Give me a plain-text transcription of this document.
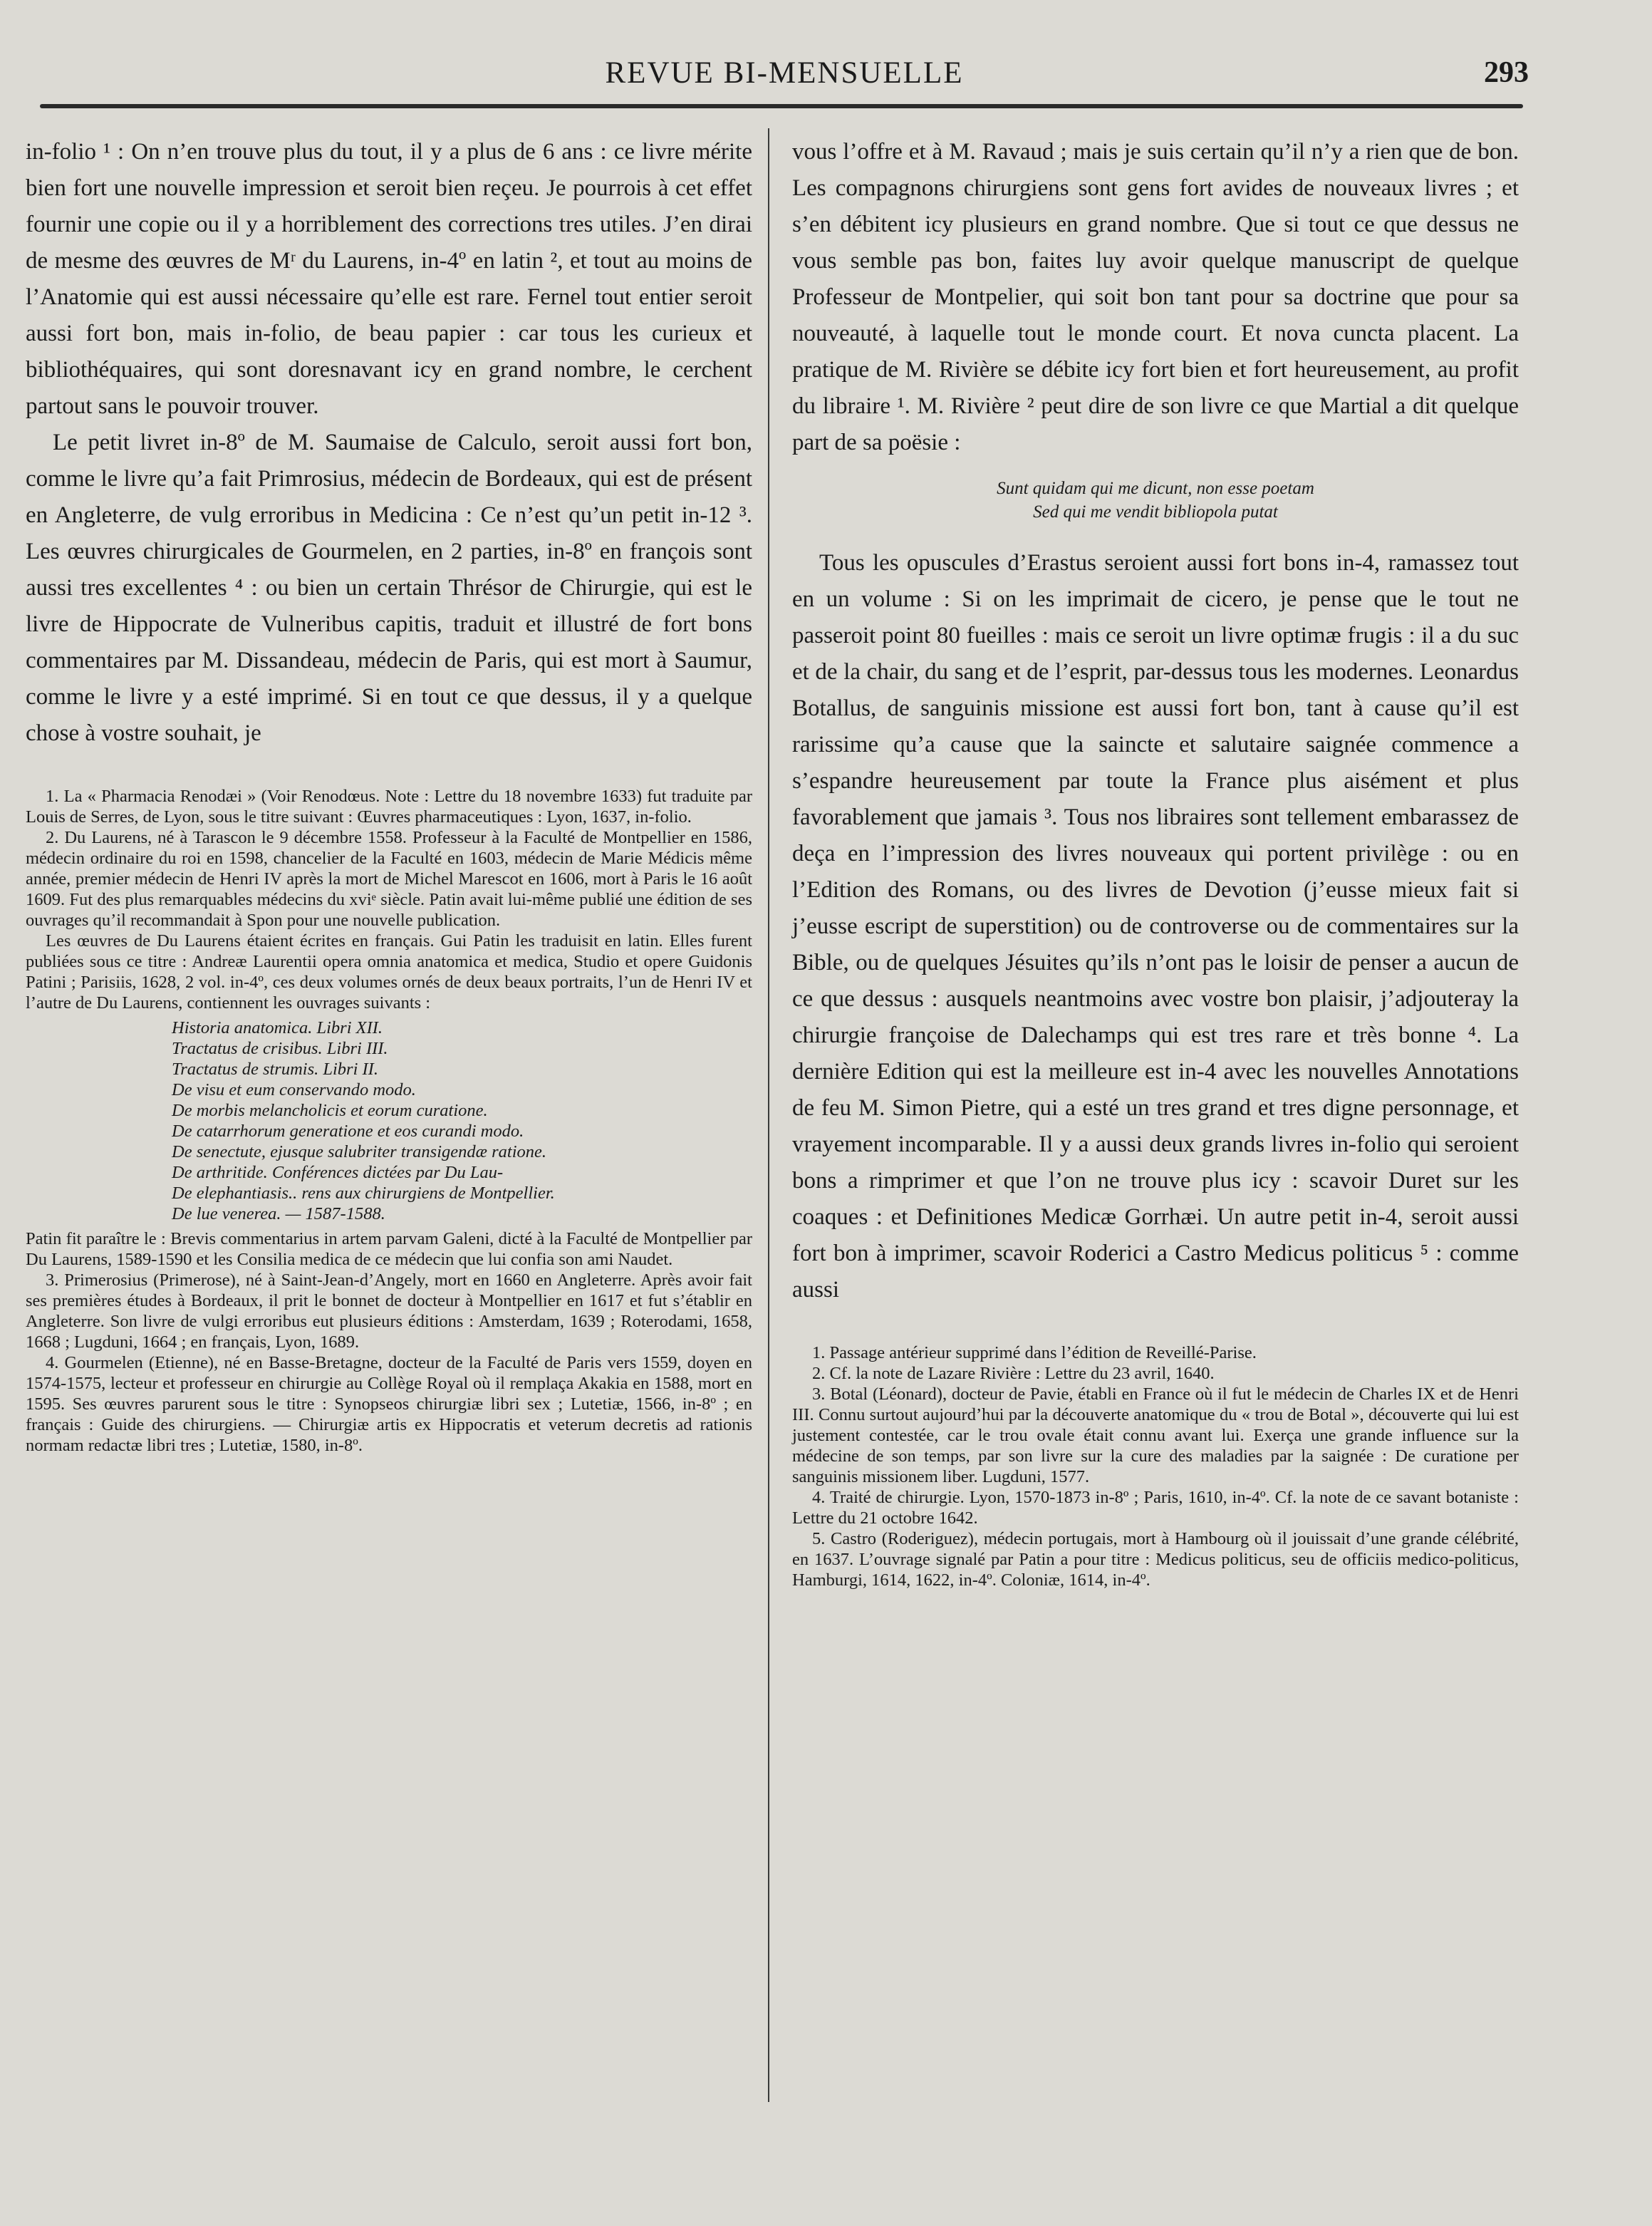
REVUE BI-MENSUELLE	293

in-folio ¹ : On n’en trouve plus du tout, il y a plus de 6 ans : ce livre mérite bien fort une nouvelle impression et seroit bien reçeu. Je pourrois à cet effet fournir une copie ou il y a horriblement des corrections tres utiles. J’en dirai de mesme des œuvres de Mʳ du Laurens, in-4º en latin ², et tout au moins de l’Anatomie qui est aussi nécessaire qu’elle est rare. Fernel tout entier seroit aussi fort bon, mais in-folio, de beau papier : car tous les curieux et bibliothéquaires, qui sont doresnavant icy en grand nombre, le cerchent partout sans le pouvoir trouver.

Le petit livret in-8º de M. Saumaise de Calculo, seroit aussi fort bon, comme le livre qu’a fait Primrosius, médecin de Bordeaux, qui est de présent en Angleterre, de vulg erroribus in Medicina : Ce n’est qu’un petit in-12 ³. Les œuvres chirurgicales de Gourmelen, en 2 parties, in-8º en françois sont aussi tres excellentes ⁴ : ou bien un certain Thrésor de Chirurgie, qui est le livre de Hippocrate de Vulneribus capitis, traduit et illustré de fort bons commentaires par M. Dissandeau, médecin de Paris, qui est mort à Saumur, comme le livre y a esté imprimé. Si en tout ce que dessus, il y a quelque chose à vostre souhait, je

1. La « Pharmacia Renodæi » (Voir Renodœus. Note : Lettre du 18 novembre 1633) fut traduite par Louis de Serres, de Lyon, sous le titre suivant : Œuvres pharmaceutiques : Lyon, 1637, in-folio.

2. Du Laurens, né à Tarascon le 9 décembre 1558. Professeur à la Faculté de Montpellier en 1586, médecin ordinaire du roi en 1598, chancelier de la Faculté en 1603, médecin de Marie Médicis même année, premier médecin de Henri IV après la mort de Michel Marescot en 1606, mort à Paris le 16 août 1609. Fut des plus remarquables médecins du xviᵉ siècle. Patin avait lui-même publié une édition de ses ouvrages qu’il recommandait à Spon pour une nouvelle publication.

Les œuvres de Du Laurens étaient écrites en français. Gui Patin les traduisit en latin. Elles furent publiées sous ce titre : Andreæ Laurentii opera omnia anatomica et medica, Studio et opere Guidonis Patini ; Parisiis, 1628, 2 vol. in-4º, ces deux volumes ornés de deux beaux portraits, l’un de Henri IV et l’autre de Du Laurens, contiennent les ouvrages suivants :

Historia anatomica. Libri XII.
Tractatus de crisibus. Libri III.
Tractatus de strumis. Libri II.
De visu et eum conservando modo.
De morbis melancholicis et eorum curatione.
De catarrhorum generatione et eos curandi modo.
De senectute, ejusque salubriter transigendæ ratione.
De arthritide. Conférences dictées par Du Lau-
De elephantiasis.. rens aux chirurgiens de Montpellier.
De lue venerea. — 1587-1588.

Patin fit paraître le : Brevis commentarius in artem parvam Galeni, dicté à la Faculté de Montpellier par Du Laurens, 1589-1590 et les Consilia medica de ce médecin que lui confia son ami Naudet.

3. Primerosius (Primerose), né à Saint-Jean-d’Angely, mort en 1660 en Angleterre. Après avoir fait ses premières études à Bordeaux, il prit le bonnet de docteur à Montpellier en 1617 et fut s’établir en Angleterre. Son livre de vulgi erroribus eut plusieurs éditions : Amsterdam, 1639 ; Roterodami, 1658, 1668 ; Lugduni, 1664 ; en français, Lyon, 1689.

4. Gourmelen (Etienne), né en Basse-Bretagne, docteur de la Faculté de Paris vers 1559, doyen en 1574-1575, lecteur et professeur en chirurgie au Collège Royal où il remplaça Akakia en 1588, mort en 1595. Ses œuvres parurent sous le titre : Synopseos chirurgiæ libri sex ; Lutetiæ, 1566, in-8º ; en français : Guide des chirurgiens. — Chirurgiæ artis ex Hippocratis et veterum decretis ad rationis normam redactæ libri tres ; Lutetiæ, 1580, in-8º.

vous l’offre et à M. Ravaud ; mais je suis certain qu’il n’y a rien que de bon. Les compagnons chirurgiens sont gens fort avides de nouveaux livres ; et s’en débitent icy plusieurs en grand nombre. Que si tout ce que dessus ne vous semble pas bon, faites luy avoir quelque manuscript de quelque Professeur de Montpelier, qui soit bon tant pour sa doctrine que pour sa nouveauté, à laquelle tout le monde court. Et nova cuncta placent. La pratique de M. Rivière se débite icy fort bien et fort heureusement, au profit du libraire ¹. M. Rivière ² peut dire de son livre ce que Martial a dit quelque part de sa poësie :

Sunt quidam qui me dicunt, non esse poetam
Sed qui me vendit bibliopola putat

Tous les opuscules d’Erastus seroient aussi fort bons in-4, ramassez tout en un volume : Si on les imprimait de cicero, je pense que le tout ne passeroit point 80 fueilles : mais ce seroit un livre optimæ frugis : il a du suc et de la chair, du sang et de l’esprit, par-dessus tous les modernes. Leonardus Botallus, de sanguinis missione est aussi fort bon, tant à cause qu’il est rarissime qu’a cause que la saincte et salutaire saignée commence a s’espandre heureusement par toute la France plus aisément et plus favorablement que jamais ³. Tous nos libraires sont tellement embarassez de deça en l’impression des livres nouveaux qui portent privilège : ou en l’Edition des Romans, ou des livres de Devotion (j’eusse mieux fait si j’eusse escript de superstition) ou de controverse ou de commentaires sur la Bible, ou de quelques Jésuites qu’ils n’ont pas le loisir de penser a aucun de ce que dessus : ausquels neantmoins avec vostre bon plaisir, j’adjouteray la chirurgie françoise de Dalechamps qui est tres rare et très bonne ⁴. La dernière Edition qui est la meilleure est in-4 avec les nouvelles Annotations de feu M. Simon Pietre, qui a esté un tres grand et tres digne personnage, et vrayement incomparable. Il y a aussi deux grands livres in-folio qui seroient bons a rimprimer et que l’on ne trouve plus icy : scavoir Duret sur les coaques : et Definitiones Medicæ Gorrhæi. Un autre petit in-4, seroit aussi fort bon à imprimer, scavoir Roderici a Castro Medicus politicus ⁵ : comme aussi

1. Passage antérieur supprimé dans l’édition de Reveillé-Parise.

2. Cf. la note de Lazare Rivière : Lettre du 23 avril, 1640.

3. Botal (Léonard), docteur de Pavie, établi en France où il fut le médecin de Charles IX et de Henri III. Connu surtout aujourd’hui par la découverte anatomique du « trou de Botal », découverte qui lui est justement contestée, car le trou ovale était connu avant lui. Exerça une grande influence sur la médecine de son temps, par son livre sur la cure des maladies par la saignée : De curatione per sanguinis missionem liber. Lugduni, 1577.

4. Traité de chirurgie. Lyon, 1570-1873 in-8º ; Paris, 1610, in-4º. Cf. la note de ce savant botaniste : Lettre du 21 octobre 1642.

5. Castro (Roderiguez), médecin portugais, mort à Hambourg où il jouissait d’une grande célébrité, en 1637. L’ouvrage signalé par Patin a pour titre : Medicus politicus, seu de officiis medico-politicus, Hamburgi, 1614, 1622, in-4º. Coloniæ, 1614, in-4º.
